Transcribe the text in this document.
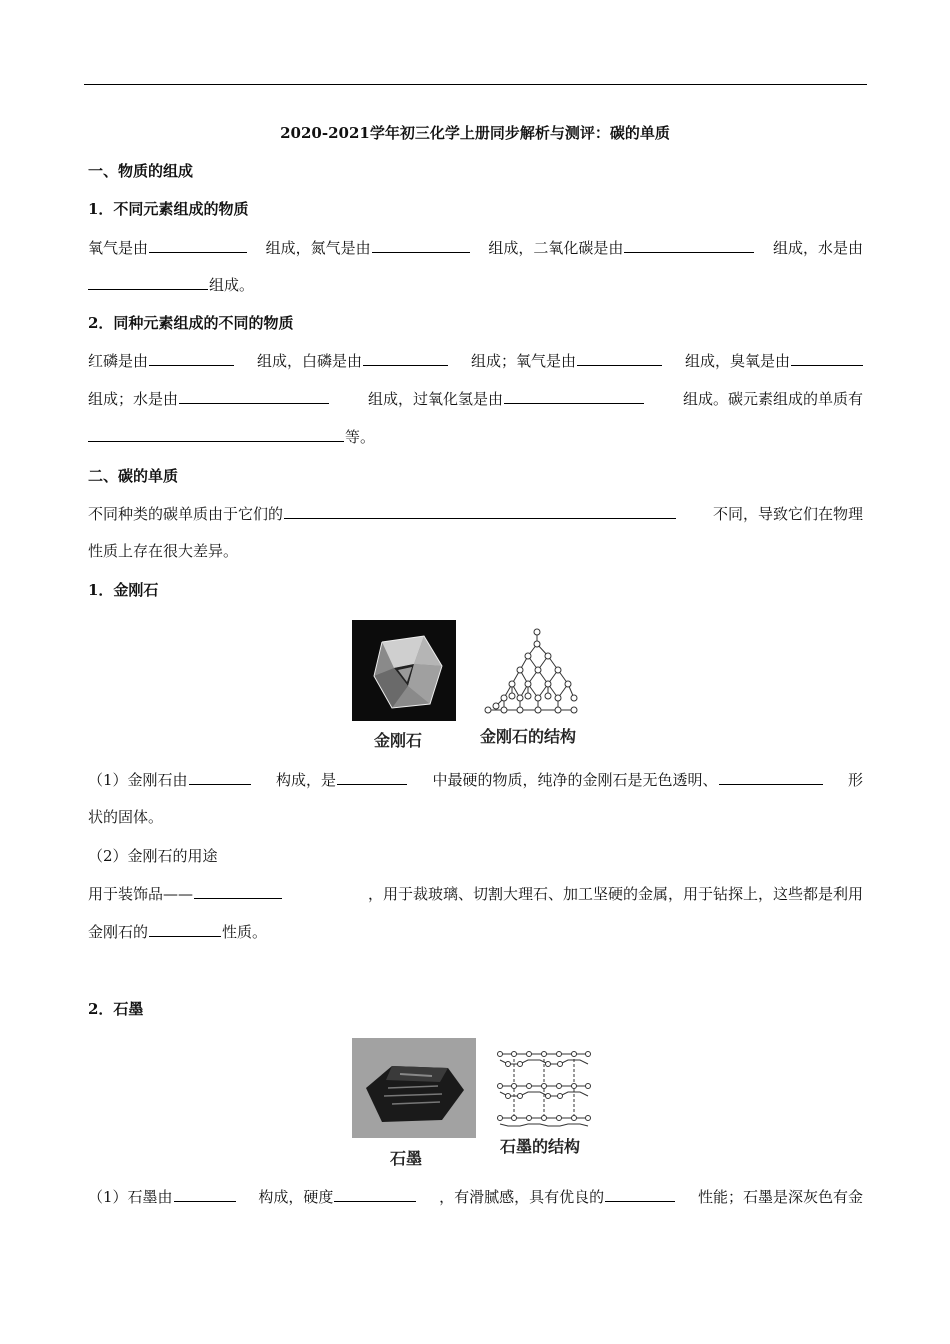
2020-2021学年初三化学上册同步解析与测评：碳的单质
一、物质的组成
1．不同元素组成的物质
氧气是由	组成，氮气是由	组成，二氧化碳是由	组成，水是由
组成。
2．同种元素组成的不同的物质
红磷是由	组成，白磷是由	组成；氧气是由	组成，臭氧是由
组成；水是由	组成，过氧化氢是由	组成。碳元素组成的单质有
等。
二、碳的单质
不同种类的碳单质由于它们的	不同，导致它们在物理
性质上存在很大差异。
1．金刚石
金刚石	金刚石的结构
（1）金刚石由	构成，是	中最硬的物质，纯净的金刚石是无色透明、	形
状的固体。
（2）金刚石的用途
用于装饰品——	，用于裁玻璃、切割大理石、加工坚硬的金属，用于钻探上，这些都是利用
金刚石的	性质。
2．石墨
石墨
石墨的结构
（1）石墨由	构成，硬度	，有滑腻感，具有优良的	性能；石墨是深灰色有金
